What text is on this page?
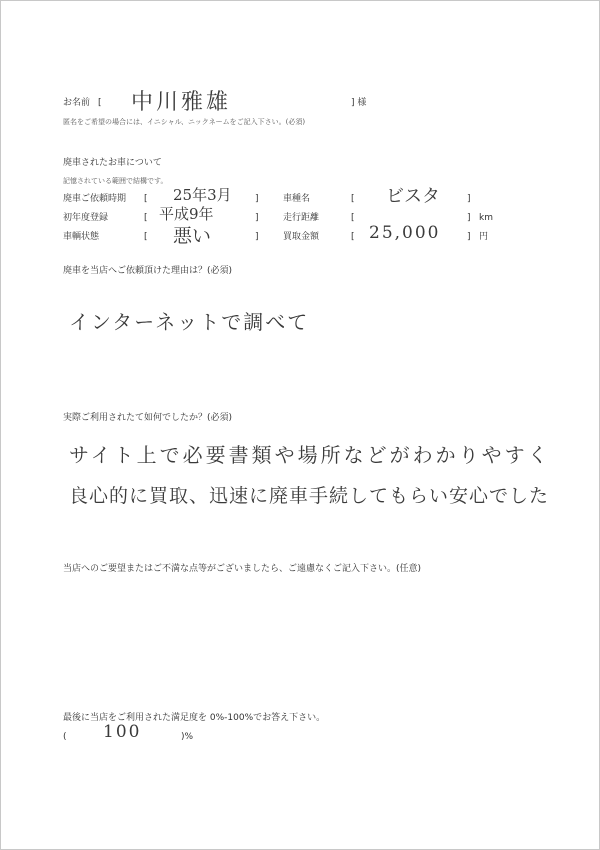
お名前 [ 中川雅雄	] 様
匿名をご希望の場合には、イニシャル、ニックネームをご記入下さい。(必須)
廃車されたお車について
記憶されている範囲で結構です。
廃車ご依頼時期 [ 25年3月	]	車種名	[ ビスタ	]
初年度登録	[ 平成9年	]	走行距離	[	] km
車輌状態	[ 悪い	]	買取金額	[ 25,000	] 円
廃車を当店へご依頼頂けた理由は？(必須)
インターネットで調べて
実際ご利用されたて如何でしたか？(必須)
サイト上で必要書類や場所などがわかりやすく
良心的に買取、迅速に廃車手続してもらい安心でした
当店へのご要望またはご不満な点等がございましたら、ご遠慮なくご記入下さい。(任意)
最後に当店をご利用された満足度を 0%-100%でお答え下さい。
( 100	)%
